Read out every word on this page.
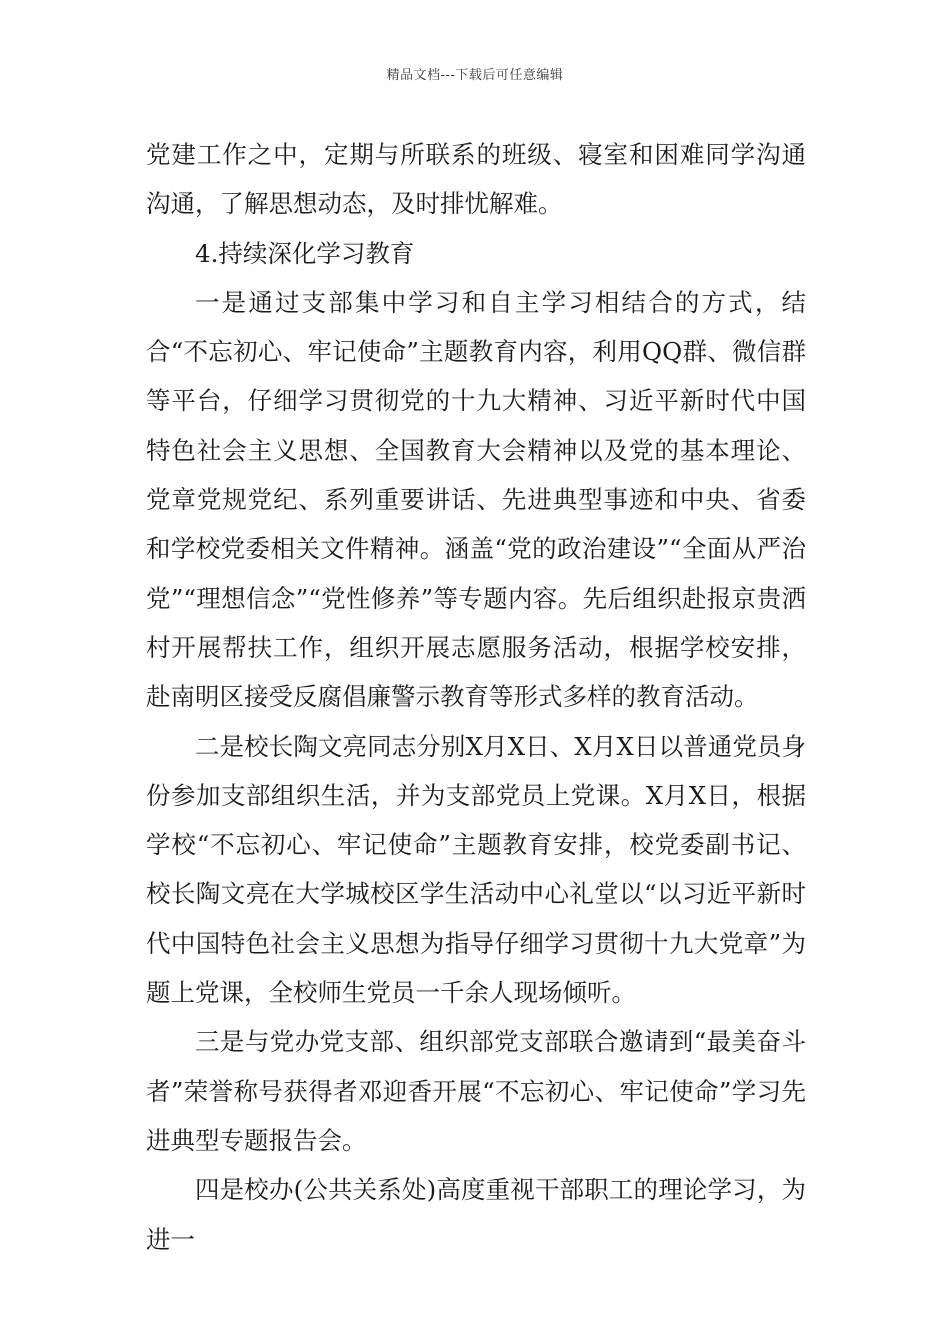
精品文档---下载后可任意编辑

党建工作之中，定期与所联系的班级、寝室和困难同学沟通沟通，了解思想动态，及时排忧解难。

4.持续深化学习教育

一是通过支部集中学习和自主学习相结合的方式，结合“不忘初心、牢记使命”主题教育内容，利用QQ群、微信群等平台，仔细学习贯彻党的十九大精神、习近平新时代中国特色社会主义思想、全国教育大会精神以及党的基本理论、党章党规党纪、系列重要讲话、先进典型事迹和中央、省委和学校党委相关文件精神。涵盖“党的政治建设”“全面从严治党”“理想信念”“党性修养”等专题内容。先后组织赴报京贵洒村开展帮扶工作，组织开展志愿服务活动，根据学校安排，赴南明区接受反腐倡廉警示教育等形式多样的教育活动。

二是校长陶文亮同志分别X月X日、X月X日以普通党员身份参加支部组织生活，并为支部党员上党课。X月X日，根据学校“不忘初心、牢记使命”主题教育安排，校党委副书记、校长陶文亮在大学城校区学生活动中心礼堂以“以习近平新时代中国特色社会主义思想为指导仔细学习贯彻十九大党章”为题上党课，全校师生党员一千余人现场倾听。

三是与党办党支部、组织部党支部联合邀请到“最美奋斗者”荣誉称号获得者邓迎香开展“不忘初心、牢记使命”学习先进典型专题报告会。

四是校办(公共关系处)高度重视干部职工的理论学习，为进一
